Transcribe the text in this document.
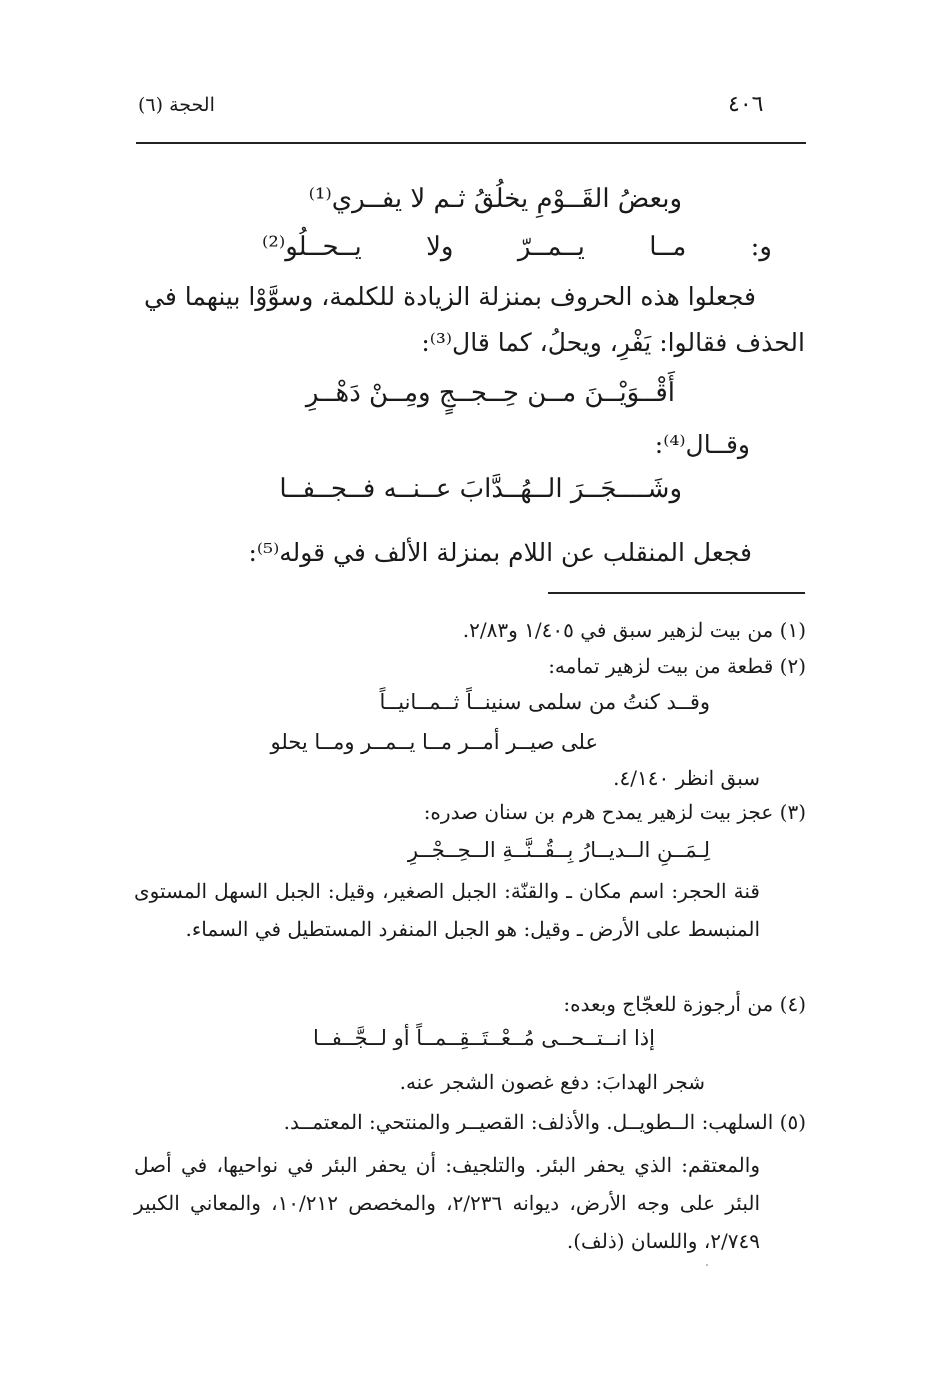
٤٠٦
الحجة (٦)
وبعضُ القَــوْمِ يخلُقُ ثـم لا يفــري⁽¹⁾
و: مــا يــمــرّ ولا يــحــلُو⁽²⁾
فجعلوا هذه الحروف بمنزلة الزيادة للكلمة، وسوَّوْا بينهما في
الحذف فقالوا: يَفْرِ، ويحلُ، كما قال⁽³⁾:
أَقْــوَيْــنَ مــن حِــجــجٍ ومِــنْ دَهْــرِ
وقــال⁽⁴⁾:
وشَــــجَــرَ الــهُــدَّابَ عــنــه فــجــفــا
فجعل المنقلب عن اللام بمنزلة الألف في قوله⁽⁵⁾:
(١) من بيت لزهير سبق في ١/٤٠٥ و٢/٨٣.
(٢) قطعة من بيت لزهير تمامه:
وقــد كنتُ من سلمى سنينــاً ثــمــانيــاً
على صيــر أمــر مــا يــمــر ومــا يحلو
سبق انظر ٤/١٤٠.
(٣) عجز بيت لزهير يمدح هرم بن سنان صدره:
لِـمَــنِ الــديــارُ بِــقُــنَّــةِ الــحِــجْــرِ
قنة الحجر: اسم مكان ـ والقنّة: الجبل الصغير، وقيل: الجبل السهل المستوى المنبسط على الأرض ـ وقيل: هو الجبل المنفرد المستطيل في السماء.
(٤) من أرجوزة للعجّاج وبعده:
إذا انــتــحــى مُــعْــتَــقِــمــاً أو لــجَّــفــا
شجر الهدابَ: دفع غصون الشجر عنه.
(٥) السلهب: الــطويــل. والأذلف: القصيــر والمنتحي: المعتمــد.
والمعتقم: الذي يحفر البئر. والتلجيف: أن يحفر البئر في نواحيها، في أصل البئر على وجه الأرض، ديوانه ٢/٢٣٦، والمخصص ١٠/٢١٢، والمعاني الكبير ٢/٧٤٩، واللسان (ذلف).
